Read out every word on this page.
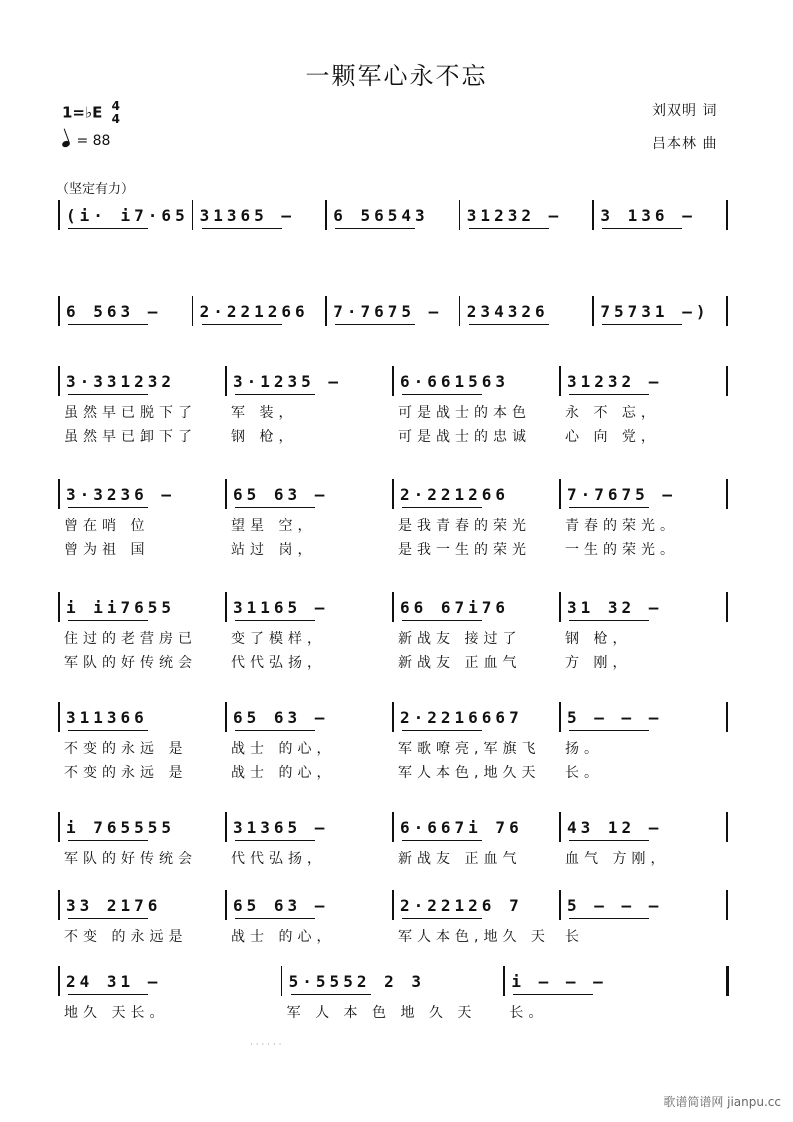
一颗军心永不忘
1=♭E 4
4
= 88
刘双明 词
吕本林 曲
（坚定有力）
(i· i7·65 31365 – 6 56543 31232 – 3 136 –
6 563 – 2·221266 7·7675 – 234326	75731 –)
3·331232
虽然早已脱下了
虽然早已卸下了
3·1235 –
军 装，
钢 枪，
6·661563
可是战士的本色
可是战士的忠诚
31232 –
永 不 忘，
心 向 党，
3·3236 –
曾在哨 位
曾为祖 国
65 63 –
望星 空，
站过 岗，
2·221266
是我青春的荣光
是我一生的荣光
7·7675 –
青春的荣光。
一生的荣光。
i ii7655
住过的老营房已
军队的好传统会
31165 –
变了模样，
代代弘扬，
66 67i76
新战友 接过了
新战友 正血气
31 32 –
钢 枪，
方 刚，
311366
不变的永远 是
不变的永远 是
65 63 –
战士 的心，
战士 的心，
2·2216667
军歌嘹亮,军旗飞
军人本色,地久天
5 – – –
扬。
长。
i 765555
军队的好传统会
31365 –
代代弘扬，
6·667i 76
新战友 正血气
43 12 –
血气 方刚，
33 2176
不变 的永远是
65 63 –
战士 的心，
2·22126 7
军人本色,地久 天
5 – – –
长
24 31 –
地久 天长。
5·5552 2 3
军 人 本 色 地 久 天
i – – –
长。
· · · · · ·
歌谱简谱网 jianpu.cc
